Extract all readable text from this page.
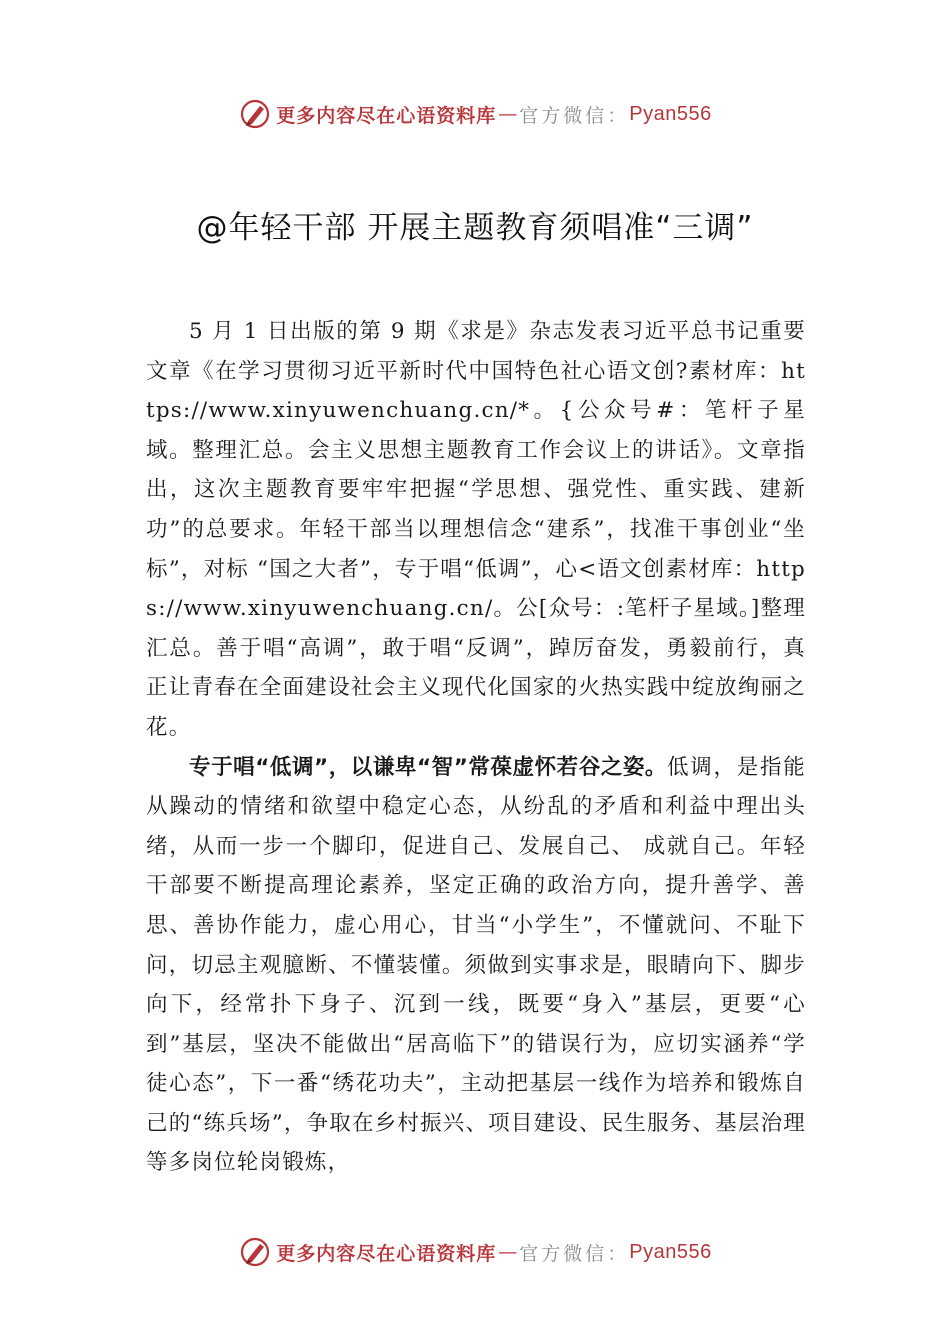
更多内容尽在心语资料库 — 官方微信： Pyan556
@年轻干部 开展主题教育须唱准“三调”

5 月 1 日出版的第 9 期《求是》杂志发表习近平总书记重要文章《在学习贯彻习近平新时代中国特色社心语文创?素材库：https://www.xinyuwenchuang.cn/*。{公众号#：笔杆子星域。整理汇总。会主义思想主题教育工作会议上的讲话》。文章指出，这次主题教育要牢牢把握“学思想、强党性、重实践、建新功”的总要求。年轻干部当以理想信念“建系”，找准干事创业“坐标”，对标 “国之大者”，专于唱“低调”，心<语文创素材库：https://www.xinyuwenchuang.cn/。公[众号：:笔杆子星域。]整理汇总。善于唱“高调”，敢于唱“反调”，踔厉奋发，勇毅前行，真正让青春在全面建设社会主义现代化国家的火热实践中绽放绚丽之花。

专于唱“低调”，以谦卑“智”常葆虚怀若谷之姿。低调，是指能从躁动的情绪和欲望中稳定心态，从纷乱的矛盾和利益中理出头绪，从而一步一个脚印，促进自己、发展自己、 成就自己。年轻干部要不断提高理论素养，坚定正确的政治方向，提升善学、善思、善协作能力，虚心用心，甘当“小学生”，不懂就问、不耻下问，切忌主观臆断、不懂装懂。须做到实事求是，眼睛向下、脚步向下，经常扑下身子、沉到一线，既要“身入”基层，更要“心到”基层，坚决不能做出“居高临下”的错误行为，应切实涵养“学徒心态”，下一番“绣花功夫”，主动把基层一线作为培养和锻炼自己的“练兵场”，争取在乡村振兴、项目建设、民生服务、基层治理等多岗位轮岗锻炼，

更多内容尽在心语资料库 — 官方微信： Pyan556
